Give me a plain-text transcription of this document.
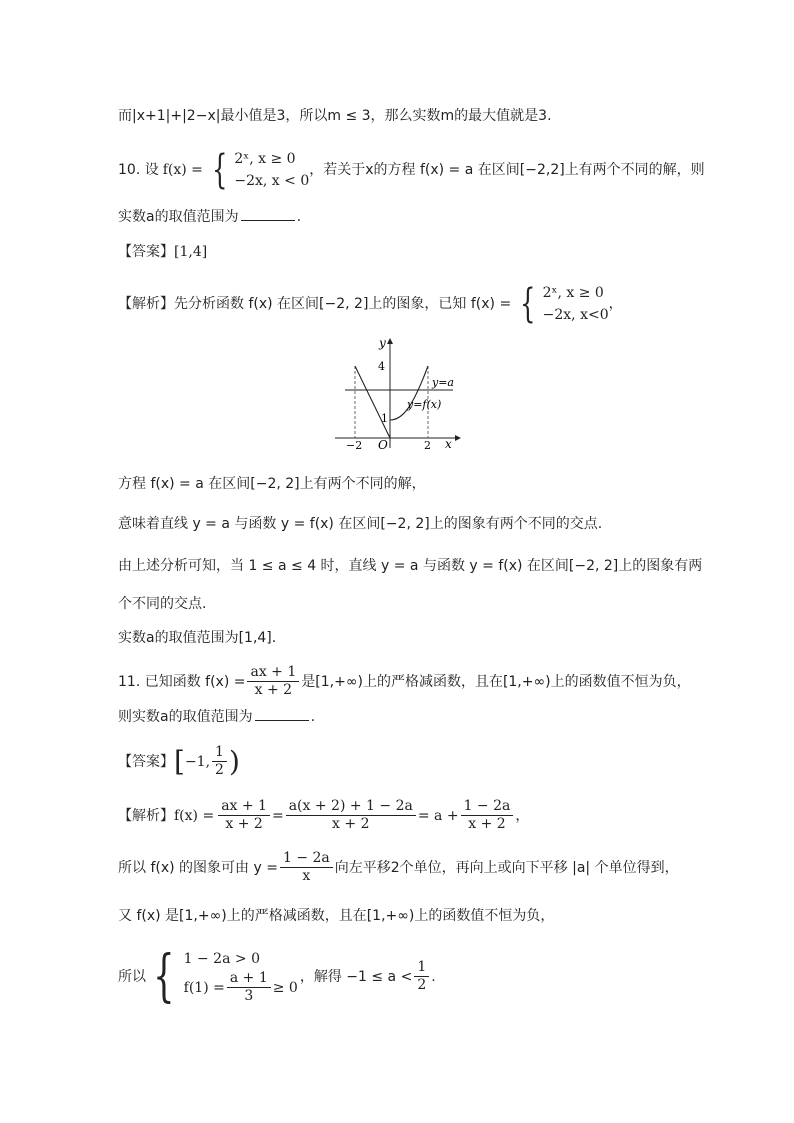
而|x+1|+|2−x|最小值是3，所以m ≤ 3，那么实数m的最大值就是3.
10. 设 f(x) = { 2ˣ, x ≥ 0
−2x, x < 0
，若关于x的方程 f(x) = a 在区间[−2,2]上有两个不同的解，则
实数a的取值范围为	.
【答案】[1,4]
【解析】 先分析函数 f(x) 在区间[−2, 2]上的图象，已知 f(x) = { 2ˣ, x ≥ 0
−2x, x<0
，
y
x
O
4
1
−2	2
y=a
y=f(x)
方程 f(x) = a 在区间[−2, 2]上有两个不同的解，
意味着直线 y = a 与函数 y = f(x) 在区间[−2, 2]上的图象有两个不同的交点.
由上述分析可知，当 1 ≤ a ≤ 4 时，直线 y = a 与函数 y = f(x) 在区间[−2, 2]上的图象有两
个不同的交点.
实数a的取值范围为[1,4].
11. 已知函数 $f(x) = \frac{ax + 1}{x + 2}$ 是[1,+∞)上的严格减函数，且在[1,+∞)上的函数值不恒为负，
则实数a的取值范围为	.
【答案】 [ −1, $\frac{1}{2}$ )
【解析】 $f(x) = \frac{ax + 1}{x + 2} = \frac{a(x + 2) + 1 - 2a}{x + 2} = a + \frac{1 - 2a}{x + 2}$ ，
所以 f(x) 的图象可由 $y = \frac{1 - 2a}{x}$ 向左平移2个单位，再向上或向下平移 |a| 个单位得到，
又 f(x) 是[1,+∞)上的严格减函数，且在[1,+∞)上的函数值不恒为负，
所以 { 1 − 2a > 0
$f(1) = \frac{a + 1}{3} \ge 0$
，解得 $-1 \le a < \frac{1}{2}$ .
